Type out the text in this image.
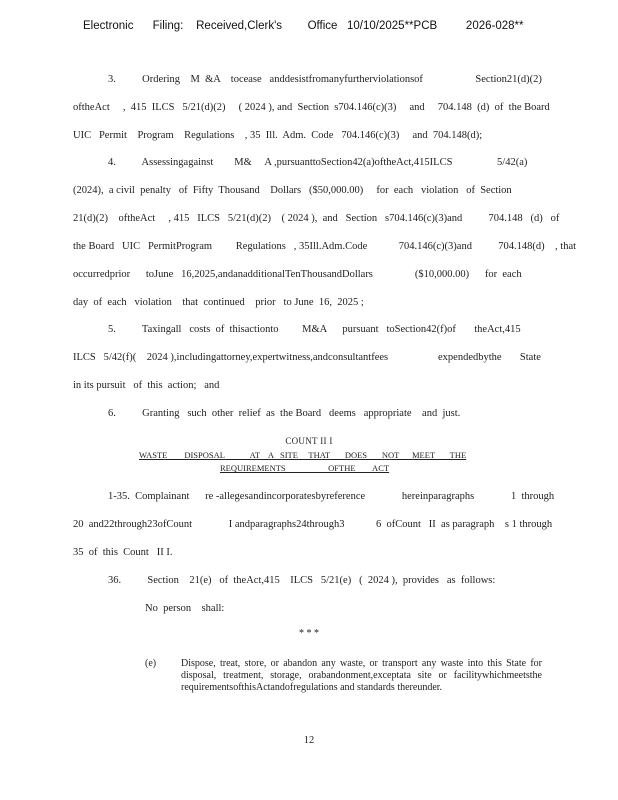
Electronic      Filing:    Received,Clerk's        Office   10/10/2025**PCB         2026-028**
3.          Ordering    M  &A    tocease   anddesistfromanyfurtherviolationsof                    Section21(d)(2)
oftheAct     ,  415  ILCS   5/21(d)(2)     ( 2024 ), and  Section  s704.146(c)(3)     and     704.148  (d)  of  the Board
UIC   Permit    Program    Regulations    , 35  Ill.  Adm.  Code   704.146(c)(3)     and  704.148(d);
4.          Assessingagainst        M&     A ,pursuanttoSection42(a)oftheAct,415ILCS                 5/42(a)
(2024),  a civil  penalty   of  Fifty  Thousand    Dollars   ($50,000.00)     for  each   violation   of  Section
21(d)(2)    oftheAct     , 415   ILCS   5/21(d)(2)    ( 2024 ),  and   Section   s704.146(c)(3)and          704.148   (d)   of
the Board   UIC   PermitProgram         Regulations   , 35Ill.Adm.Code            704.146(c)(3)and          704.148(d)    , that
occurredprior      toJune   16,2025,andanadditionalTenThousandDollars                ($10,000.00)      for  each
day  of  each   violation    that  continued    prior   to June  16,  2025 ;
5.          Taxingall   costs  of  thisactionto         M&A      pursuant   toSection42(f)of       theAct,415
ILCS   5/42(f)(    2024 ),includingattorney,expertwitness,andconsultantfees                   expendedbythe       State
in its pursuit   of  this  action;   and
6.          Granting   such  other  relief  as  the Board   deems   appropriate    and  just.
1-35.  Complainant      re -allegesandincorporatesbyreference              hereinparagraphs              1  through
20  and22through23ofCount              I andparagraphs24through3            6  ofCount   II  as paragraph    s 1 through
35  of  this  Count   II I.
36.          Section    21(e)   of  theAct,415    ILCS   5/21(e)   (  2024 ),  provides   as  follows:
No  person    shall:
COUNT II I
WASTE        DISPOSAL            AT    A   SITE     THAT       DOES       NOT      MEET       THE
REQUIREMENTS                    OFTHE        ACT
* * *
(e) Dispose, treat, store, or abandon any waste, or transport any waste into this State for disposal, treatment, storage, orabandonment,exceptata site or facilitywhichmeetsthe requirementsofthisActandofregulations and standards thereunder.
12
